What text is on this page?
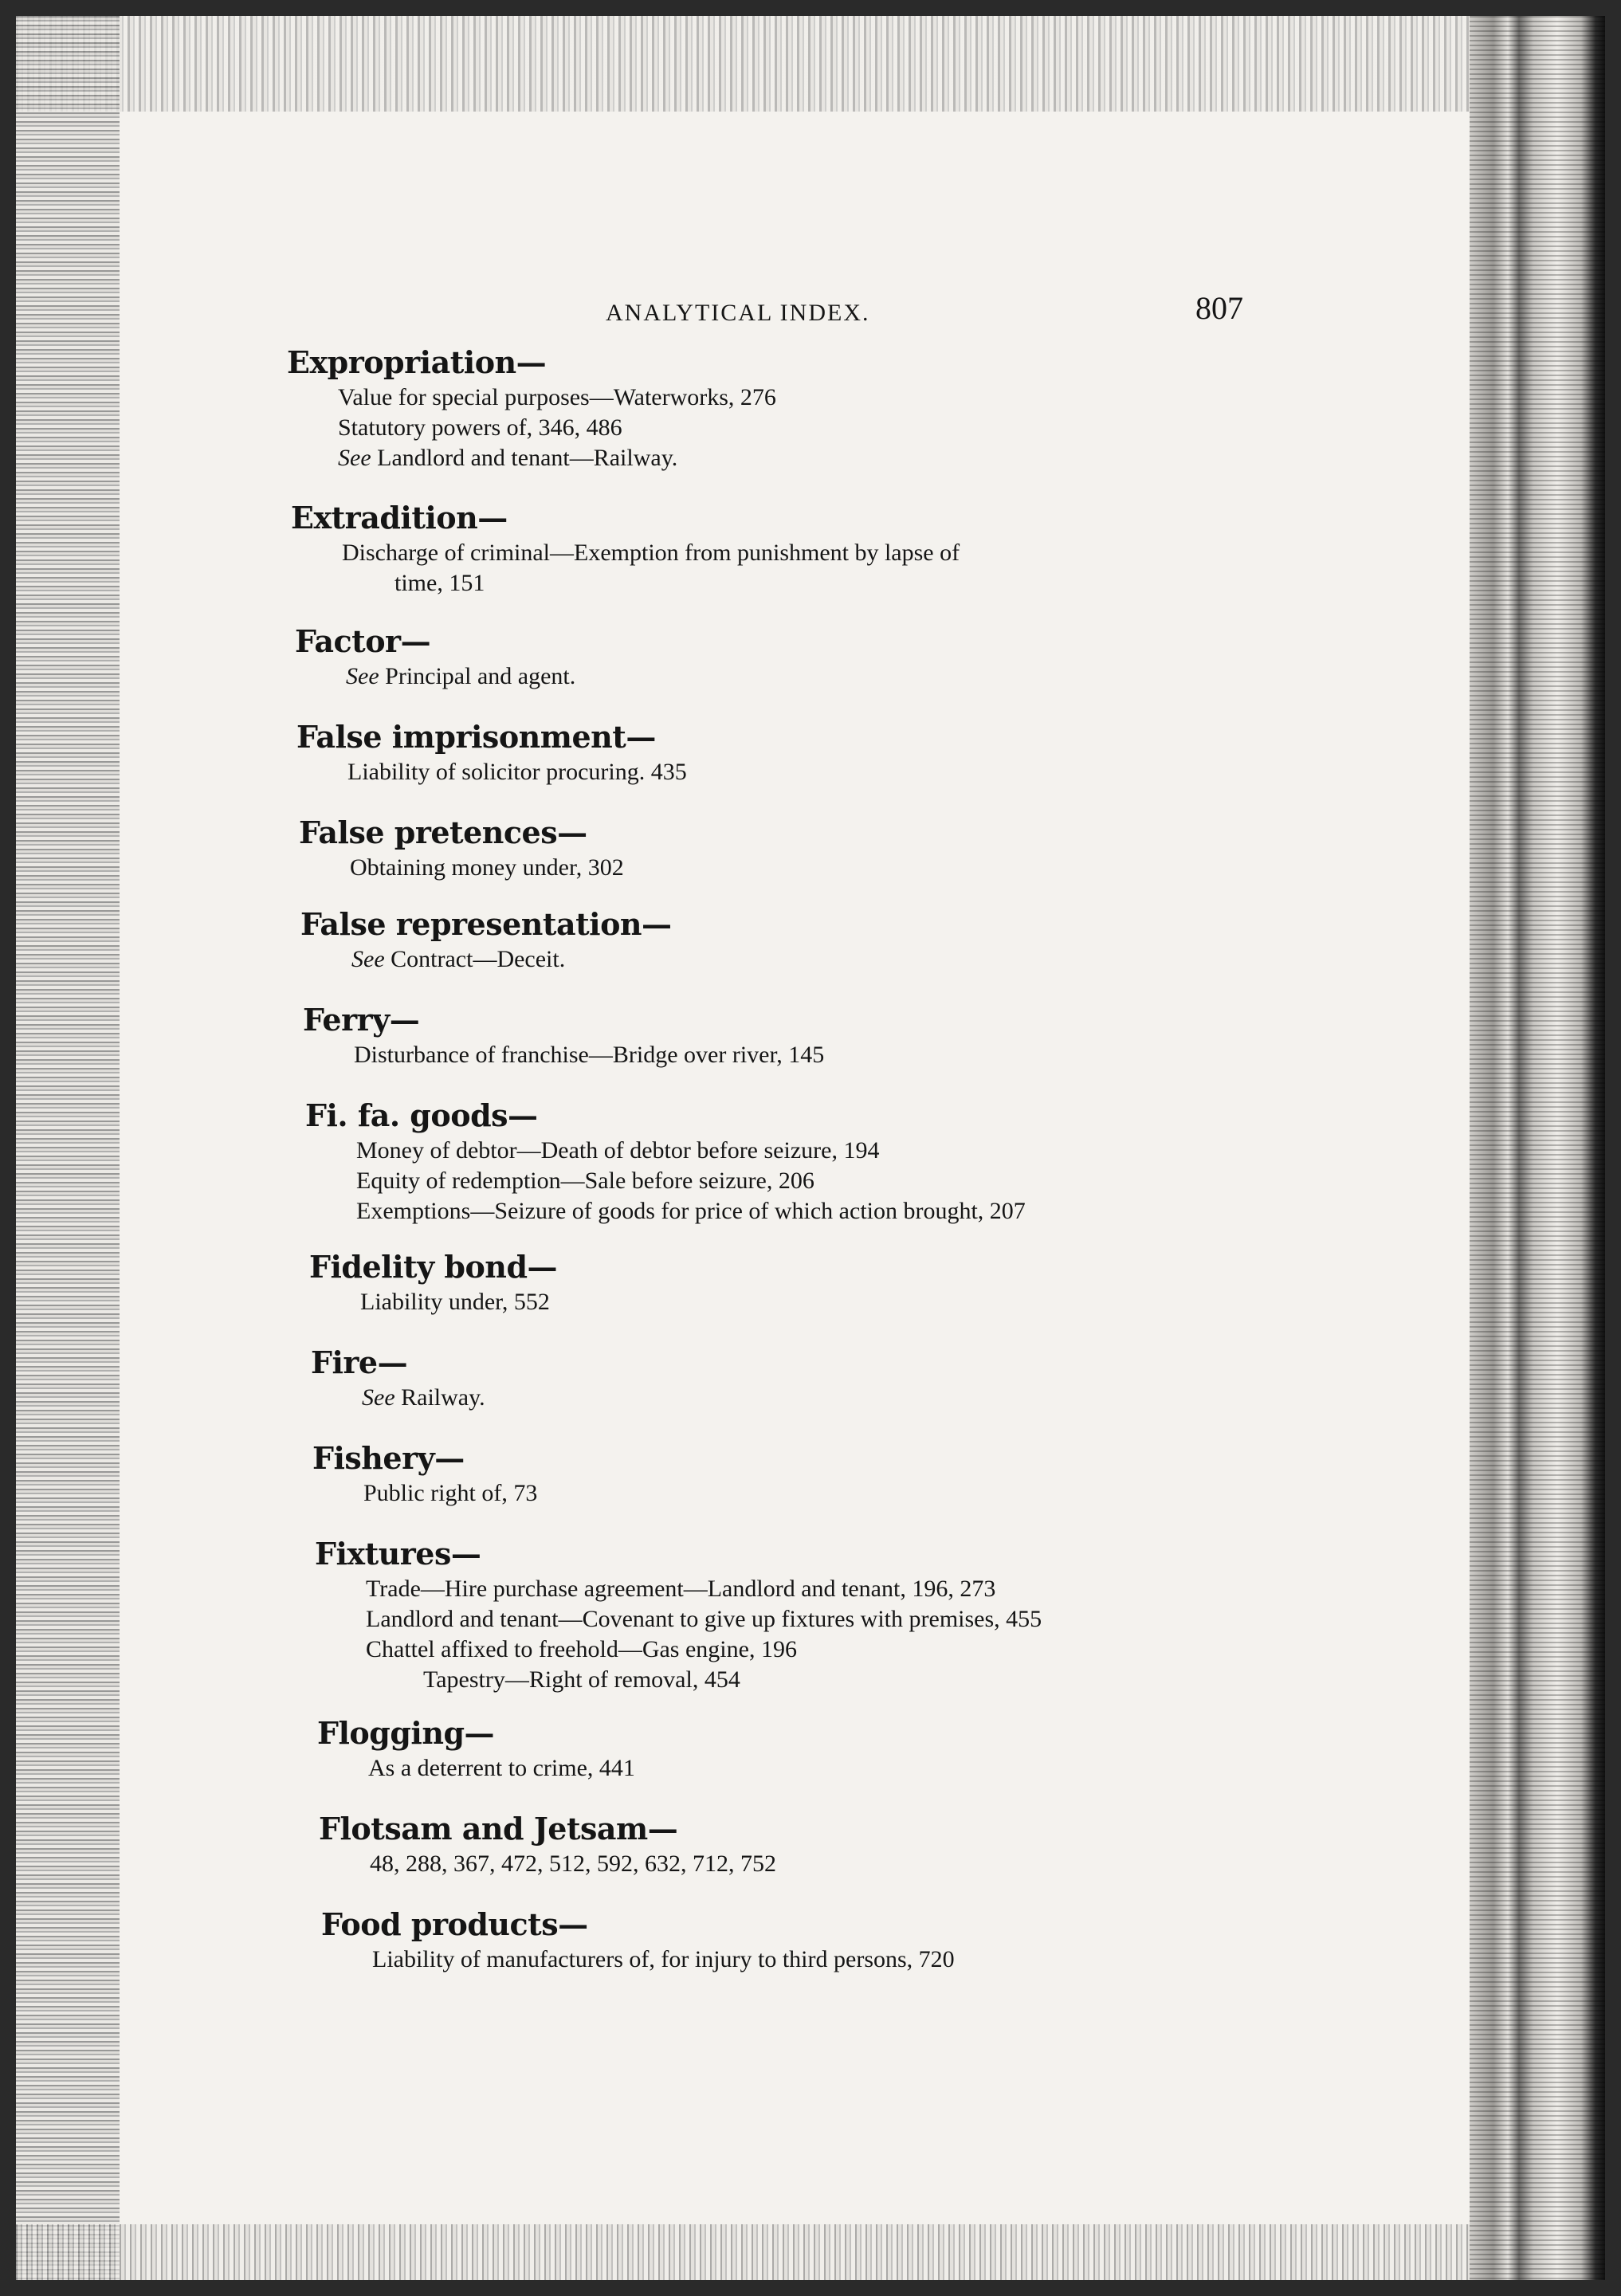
ANALYTICAL INDEX.	807
Expropriation—
Value for special purposes—Waterworks, 276
Statutory powers of, 346, 486
See Landlord and tenant—Railway.
Extradition—
Discharge of criminal—Exemption from punishment by lapse of
time, 151
Factor—
See Principal and agent.
False imprisonment—
Liability of solicitor procuring. 435
False pretences—
Obtaining money under, 302
False representation—
See Contract—Deceit.
Ferry—
Disturbance of franchise—Bridge over river, 145
Fi. fa. goods—
Money of debtor—Death of debtor before seizure, 194
Equity of redemption—Sale before seizure, 206
Exemptions—Seizure of goods for price of which action brought, 207
Fidelity bond—
Liability under, 552
Fire—
See Railway.
Fishery—
Public right of, 73
Fixtures—
Trade—Hire purchase agreement—Landlord and tenant, 196, 273
Landlord and tenant—Covenant to give up fixtures with premises, 455
Chattel affixed to freehold—Gas engine, 196
Tapestry—Right of removal, 454
Flogging—
As a deterrent to crime, 441
Flotsam and Jetsam—
48, 288, 367, 472, 512, 592, 632, 712, 752
Food products—
Liability of manufacturers of, for injury to third persons, 720
